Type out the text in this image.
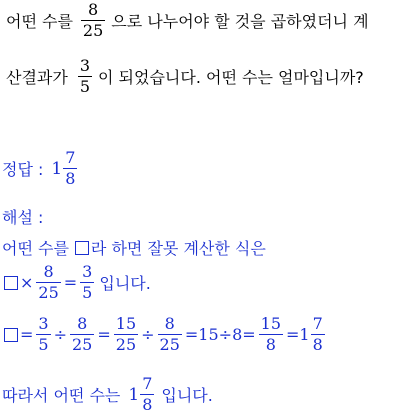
어떤 수를 $\frac{8}{25}$ 으로 나누어야 할 것을 곱하였더니 계
산결과가 $\frac{3}{5}$ 이 되었습니다. 어떤 수는 얼마입니까?
정답 : $1 \frac{7}{8}$
해설 :
어떤 수를 라 하면 잘못 계산한 식은
× $\frac{8}{25} = \frac{3}{5}$ 입니다.
= $\frac{3}{5} \div \frac{8}{25} = \frac{15}{25} \div \frac{8}{25} =15\div 8= \frac{15}{8} =1 \frac{7}{8}$
따라서 어떤 수는 $1 \frac{7}{8}$ 입니다.
